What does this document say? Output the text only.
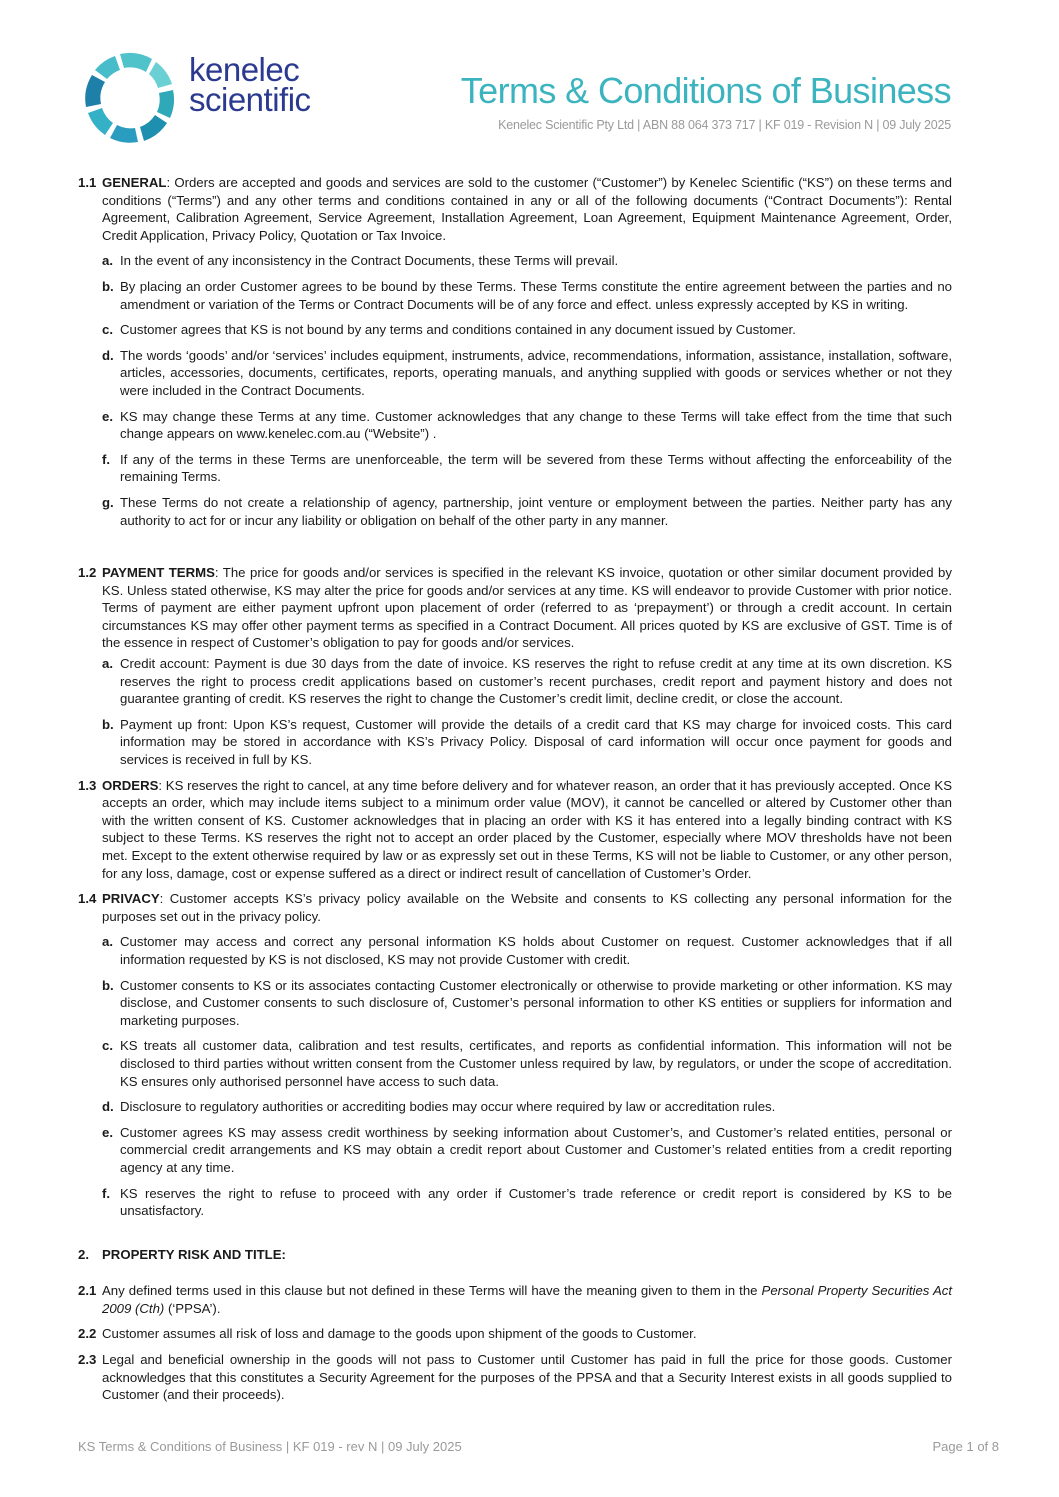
kenelec
scientific	Terms & Conditions of Business
Kenelec Scientific Pty Ltd | ABN 88 064 373 717 | KF 019 - Revision N | 09 July 2025
1.1 GENERAL: Orders are accepted and goods and services are sold to the customer (“Customer”) by Kenelec Scientific (“KS”) on these terms and conditions (“Terms”) and any other terms and conditions contained in any or all of the following documents (“Contract Documents”): Rental Agreement, Calibration Agreement, Service Agreement, Installation Agreement, Loan Agreement, Equipment Maintenance Agreement, Order, Credit Application, Privacy Policy, Quotation or Tax Invoice.
a. In the event of any inconsistency in the Contract Documents, these Terms will prevail.
b. By placing an order Customer agrees to be bound by these Terms. These Terms constitute the entire agreement between the parties and no amendment or variation of the Terms or Contract Documents will be of any force and effect. unless expressly accepted by KS in writing.
c. Customer agrees that KS is not bound by any terms and conditions contained in any document issued by Customer.
d. The words ‘goods’ and/or ‘services’ includes equipment, instruments, advice, recommendations, information, assistance, installation, software, articles, accessories, documents, certificates, reports, operating manuals, and anything supplied with goods or services whether or not they were included in the Contract Documents.
e. KS may change these Terms at any time. Customer acknowledges that any change to these Terms will take effect from the time that such change appears on www.kenelec.com.au (“Website”) .
f. If any of the terms in these Terms are unenforceable, the term will be severed from these Terms without affecting the enforceability of the remaining Terms.
g. These Terms do not create a relationship of agency, partnership, joint venture or employment between the parties. Neither party has any authority to act for or incur any liability or obligation on behalf of the other party in any manner.
1.2 PAYMENT TERMS: The price for goods and/or services is specified in the relevant KS invoice, quotation or other similar document provided by KS. Unless stated otherwise, KS may alter the price for goods and/or services at any time. KS will endeavor to provide Customer with prior notice. Terms of payment are either payment upfront upon placement of order (referred to as ‘prepayment’) or through a credit account. In certain circumstances KS may offer other payment terms as specified in a Contract Document. All prices quoted by KS are exclusive of GST. Time is of the essence in respect of Customer’s obligation to pay for goods and/or services.
a. Credit account: Payment is due 30 days from the date of invoice. KS reserves the right to refuse credit at any time at its own discretion. KS reserves the right to process credit applications based on customer’s recent purchases, credit report and payment history and does not guarantee granting of credit. KS reserves the right to change the Customer’s credit limit, decline credit, or close the account.
b. Payment up front: Upon KS’s request, Customer will provide the details of a credit card that KS may charge for invoiced costs. This card information may be stored in accordance with KS’s Privacy Policy. Disposal of card information will occur once payment for goods and services is received in full by KS.
1.3 ORDERS: KS reserves the right to cancel, at any time before delivery and for whatever reason, an order that it has previously accepted. Once KS accepts an order, which may include items subject to a minimum order value (MOV), it cannot be cancelled or altered by Customer other than with the written consent of KS. Customer acknowledges that in placing an order with KS it has entered into a legally binding contract with KS subject to these Terms. KS reserves the right not to accept an order placed by the Customer, especially where MOV thresholds have not been met. Except to the extent otherwise required by law or as expressly set out in these Terms, KS will not be liable to Customer, or any other person, for any loss, damage, cost or expense suffered as a direct or indirect result of cancellation of Customer’s Order.
1.4 PRIVACY: Customer accepts KS’s privacy policy available on the Website and consents to KS collecting any personal information for the purposes set out in the privacy policy.
a. Customer may access and correct any personal information KS holds about Customer on request. Customer acknowledges that if all information requested by KS is not disclosed, KS may not provide Customer with credit.
b. Customer consents to KS or its associates contacting Customer electronically or otherwise to provide marketing or other information. KS may disclose, and Customer consents to such disclosure of, Customer’s personal information to other KS entities or suppliers for information and marketing purposes.
c. KS treats all customer data, calibration and test results, certificates, and reports as confidential information. This information will not be disclosed to third parties without written consent from the Customer unless required by law, by regulators, or under the scope of accreditation. KS ensures only authorised personnel have access to such data.
d. Disclosure to regulatory authorities or accrediting bodies may occur where required by law or accreditation rules.
e. Customer agrees KS may assess credit worthiness by seeking information about Customer’s, and Customer’s related entities, personal or commercial credit arrangements and KS may obtain a credit report about Customer and Customer’s related entities from a credit reporting agency at any time.
f. KS reserves the right to refuse to proceed with any order if Customer’s trade reference or credit report is considered by KS to be unsatisfactory.
2. PROPERTY RISK AND TITLE:
2.1 Any defined terms used in this clause but not defined in these Terms will have the meaning given to them in the Personal Property Securities Act 2009 (Cth) (‘PPSA’).
2.2 Customer assumes all risk of loss and damage to the goods upon shipment of the goods to Customer.
2.3 Legal and beneficial ownership in the goods will not pass to Customer until Customer has paid in full the price for those goods. Customer acknowledges that this constitutes a Security Agreement for the purposes of the PPSA and that a Security Interest exists in all goods supplied to Customer (and their proceeds).
KS Terms & Conditions of Business | KF 019 - rev N | 09 July 2025	Page 1 of 8
